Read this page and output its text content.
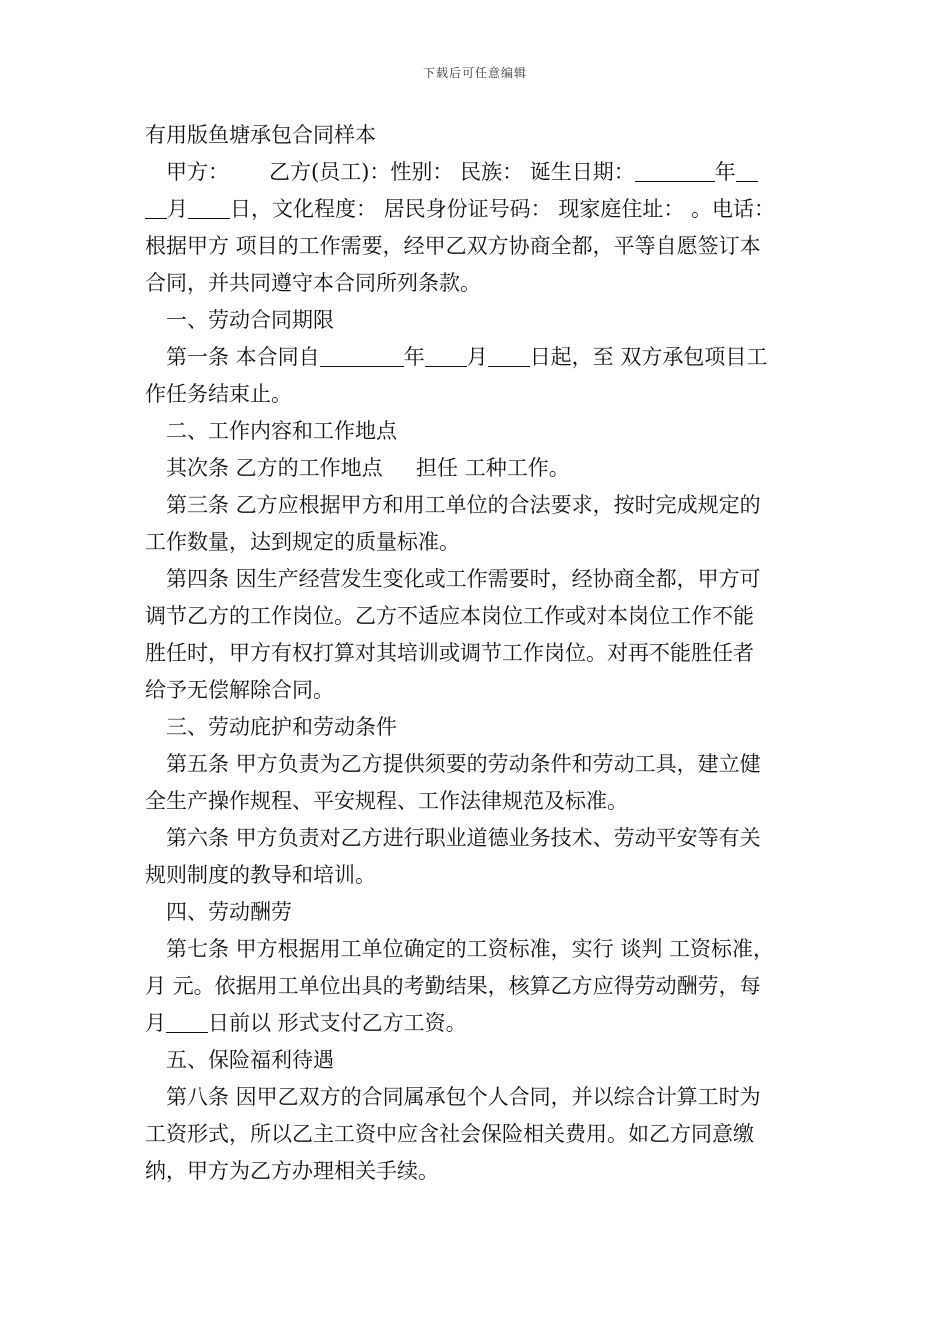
下载后可任意编辑

有用版鱼塘承包合同样本

甲方：      乙方(员工)：性别： 民族： 诞生日期：	年
月 日，文化程度： 居民身份证号码： 现家庭住址： 。电话：
根据甲方 项目的工作需要，经甲乙双方协商全都，平等自愿签订本
合同，并共同遵守本合同所列条款。

一、劳动合同期限

第一条 本合同自	年 月 日起，至 双方承包项目工
作任务结束止。

二、工作内容和工作地点

其次条 乙方的工作地点     担任 工种工作。

第三条 乙方应根据甲方和用工单位的合法要求，按时完成规定的
工作数量，达到规定的质量标准。

第四条 因生产经营发生变化或工作需要时，经协商全都，甲方可
调节乙方的工作岗位。乙方不适应本岗位工作或对本岗位工作不能
胜任时，甲方有权打算对其培训或调节工作岗位。对再不能胜任者
给予无偿解除合同。

三、劳动庇护和劳动条件

第五条 甲方负责为乙方提供须要的劳动条件和劳动工具，建立健
全生产操作规程、平安规程、工作法律规范及标准。

第六条 甲方负责对乙方进行职业道德业务技术、劳动平安等有关
规则制度的教导和培训。

四、劳动酬劳

第七条 甲方根据用工单位确定的工资标准，实行 谈判 工资标准，
月 元。依据用工单位出具的考勤结果，核算乙方应得劳动酬劳，每
月 日前以 形式支付乙方工资。

五、保险福利待遇

第八条 因甲乙双方的合同属承包个人合同，并以综合计算工时为
工资形式，所以乙主工资中应含社会保险相关费用。如乙方同意缴
纳，甲方为乙方办理相关手续。
